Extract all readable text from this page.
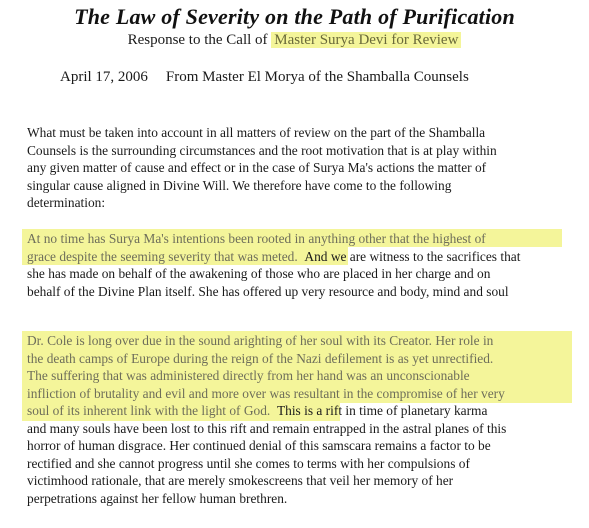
The Law of Severity on the Path of Purification
Response to the Call of Master Surya Devi for Review
April 17, 2006 From Master El Morya of the Shamballa Counsels
What must be taken into account in all matters of review on the part of the Shamballa
Counsels is the surrounding circumstances and the root motivation that is at play within
any given matter of cause and effect or in the case of Surya Ma's actions the matter of
singular cause aligned in Divine Will. We therefore have come to the following
determination:
At no time has Surya Ma's intentions been rooted in anything other that the highest of
grace despite the seeming severity that was meted. And we are witness to the sacrifices that
she has made on behalf of the awakening of those who are placed in her charge and on
behalf of the Divine Plan itself. She has offered up very resource and body, mind and soul
Dr. Cole is long over due in the sound arighting of her soul with its Creator. Her role in
the death camps of Europe during the reign of the Nazi defilement is as yet unrectified.
The suffering that was administered directly from her hand was an unconscionable
infliction of brutality and evil and more over was resultant in the compromise of her very
soul of its inherent link with the light of God. This is a rift in time of planetary karma
and many souls have been lost to this rift and remain entrapped in the astral planes of this
horror of human disgrace. Her continued denial of this samscara remains a factor to be
rectified and she cannot progress until she comes to terms with her compulsions of
victimhood rationale, that are merely smokescreens that veil her memory of her
perpetrations against her fellow human brethren.
